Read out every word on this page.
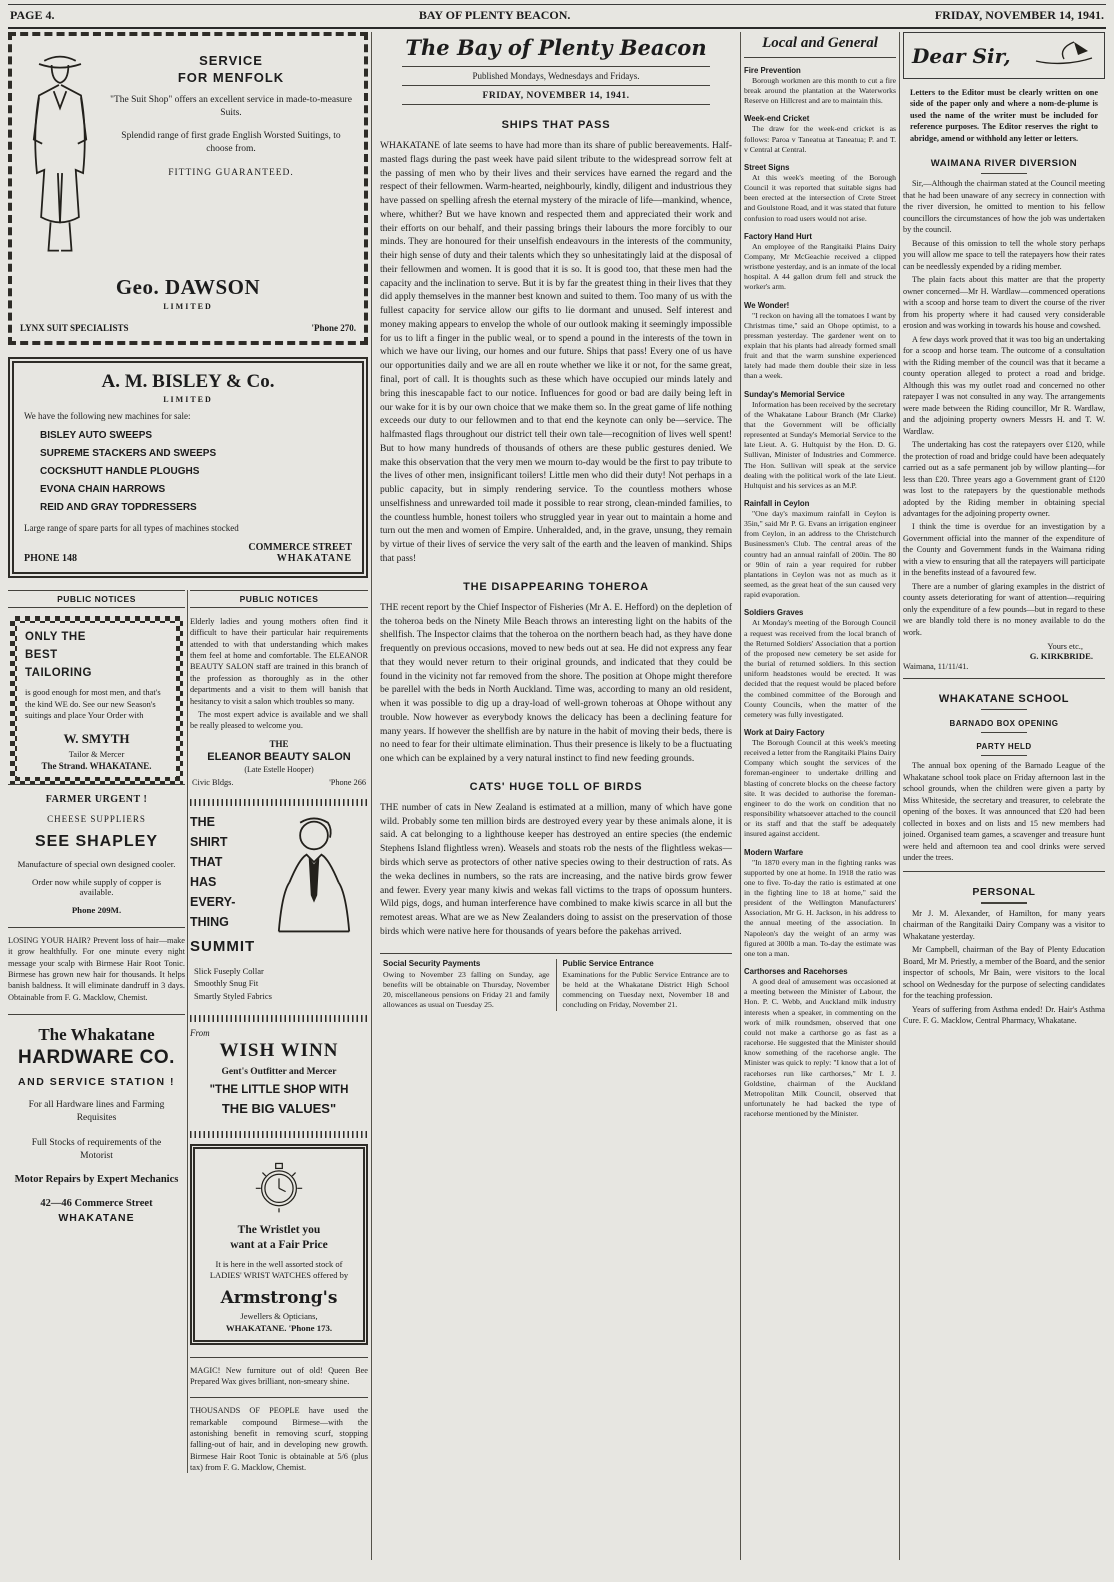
PAGE 4.	BAY OF PLENTY BEACON.	FRIDAY, NOVEMBER 14, 1941.
SERVICE
FOR MENFOLK
"The Suit Shop" offers an excellent service in made-to-measure Suits.
Splendid range of first grade English Worsted Suitings, to choose from.
FITTING GUARANTEED.
Geo. DAWSON
LIMITED
LYNX SUIT SPECIALISTS	'Phone 270.
A. M. BISLEY & Co.
LIMITED
We have the following new machines for sale:
BISLEY AUTO SWEEPS
SUPREME STACKERS AND SWEEPS
COCKSHUTT HANDLE PLOUGHS
EVONA CHAIN HARROWS
REID AND GRAY TOPDRESSERS
Large range of spare parts for all types of machines stocked
PHONE 148
COMMERCE STREET
WHAKATANE
PUBLIC NOTICES
ONLY THE
BEST
TAILORING
is good enough for most men, and that's the kind WE do. See our new Season's suitings and place Your Order with
W. SMYTH
Tailor & Mercer
The Strand. WHAKATANE.
FARMER URGENT !
CHEESE SUPPLIERS
SEE SHAPLEY
Manufacture of special own designed cooler.
Order now while supply of copper is available.
Phone 209M.
LOSING YOUR HAIR? Prevent loss of hair—make it grow healthfully. For one minute every night message your scalp with Birmese Hair Root Tonic. Birmese has grown new hair for thousands. It helps banish baldness. It will eliminate dandruff in 3 days. Obtainable from F. G. Macklow, Chemist.
The Whakatane
HARDWARE CO.
AND SERVICE STATION !
For all Hardware lines and Farming Requisites
Full Stocks of requirements of the Motorist
Motor Repairs by Expert Mechanics
42—46 Commerce Street
WHAKATANE
PUBLIC NOTICES
Elderly ladies and young mothers often find it difficult to have their particular hair requirements attended to with that understanding which makes them feel at home and comfortable. The ELEANOR BEAUTY SALON staff are trained in this branch of the profession as thoroughly as in the other departments and a visit to them will banish that hesitancy to visit a salon which troubles so many.
The most expert advice is available and we shall be really pleased to welcome you.
THE
ELEANOR BEAUTY SALON
(Late Estelle Hooper)
Civic Bldgs.	'Phone 266
THE
SHIRT
THAT
HAS
EVERY-
THING
SUMMIT
Slick Fuseply Collar
Smoothly Snug Fit
Smartly Styled Fabrics
From
WISH WINN
Gent's Outfitter and Mercer
"THE LITTLE SHOP WITH
THE BIG VALUES"
The Wristlet you
want at a Fair Price
It is here in the well assorted stock of LADIES' WRIST WATCHES offered by
Armstrong's
Jewellers & Opticians,
WHAKATANE. 'Phone 173.
MAGIC! New furniture out of old! Queen Bee Prepared Wax gives brilliant, non-smeary shine.
THOUSANDS OF PEOPLE have used the remarkable compound Birmese—with the astonishing benefit in removing scurf, stopping falling-out of hair, and in developing new growth. Birmese Hair Root Tonic is obtainable at 5/6 (plus tax) from F. G. Macklow, Chemist.
The Bay of Plenty Beacon
Published Mondays, Wednesdays and Fridays.
FRIDAY, NOVEMBER 14, 1941.
SHIPS THAT PASS

WHAKATANE of late seems to have had more than its share of public bereavements. Half-masted flags during the past week have paid silent tribute to the widespread sorrow felt at the passing of men who by their lives and their services have earned the regard and the respect of their fellowmen. Warm-hearted, neighbourly, kindly, diligent and industrious they have passed on spelling afresh the eternal mystery of the miracle of life—mankind, whence, where, whither? But we have known and respected them and appreciated their work and their efforts on our behalf, and their passing brings their labours the more forcibly to our minds. They are honoured for their unselfish endeavours in the interests of the community, their high sense of duty and their talents which they so unhesitatingly laid at the disposal of their fellowmen and women. It is good that it is so. It is good too, that these men had the capacity and the inclination to serve. But it is by far the greatest thing in their lives that they did apply themselves in the manner best known and suited to them. Too many of us with the fullest capacity for service allow our gifts to lie dormant and unused. Self interest and money making appears to envelop the whole of our outlook making it seemingly impossible for us to lift a finger in the public weal, or to spend a pound in the interests of the town in which we have our living, our homes and our future. Ships that pass! Every one of us have our opportunities daily and we are all en route whether we like it or not, for the same great, final, port of call. It is thoughts such as these which have occupied our minds lately and bring this inescapable fact to our notice. Influences for good or bad are daily being left in our wake for it is by our own choice that we make them so. In the great game of life nothing exceeds our duty to our fellowmen and to that end the keynote can only be—service. The halfmasted flags throughout our district tell their own tale—recognition of lives well spent! But to how many hundreds of thousands of others are these public gestures denied. We make this observation that the very men we mourn to-day would be the first to pay tribute to the lives of other men, insignificant toilers! Little men who did their duty! Not perhaps in a public capacity, but in simply rendering service. To the countless mothers whose unselfishness and unrewarded toil made it possible to rear strong, clean-minded families, to the countless humble, honest toilers who struggled year in year out to maintain a home and turn out the men and women of Empire. Unheralded, and, in the grave, unsung, they remain by virtue of their lives of service the very salt of the earth and the leaven of mankind. Ships that pass!

THE DISAPPEARING TOHEROA

THE recent report by the Chief Inspector of Fisheries (Mr A. E. Hefford) on the depletion of the toheroa beds on the Ninety Mile Beach throws an interesting light on the habits of the shellfish. The Inspector claims that the toheroa on the northern beach had, as they have done frequently on previous occasions, moved to new beds out at sea. He did not express any fear that they would never return to their original grounds, and indicated that they could be found in the vicinity not far removed from the shore. The position at Ohope might therefore be parellel with the beds in North Auckland. Time was, according to many an old resident, when it was possible to dig up a dray-load of well-grown toheroas at Ohope without any trouble. Now however as everybody knows the delicacy has been a declining feature for many years. If however the shellfish are by nature in the habit of moving their beds, there is no need to fear for their ultimate elimination. Thus their presence is likely to be a fluctuating one which can be explained by a very natural instinct to find new feeding grounds.

CATS' HUGE TOLL OF BIRDS

THE number of cats in New Zealand is estimated at a million, many of which have gone wild. Probably some ten million birds are destroyed every year by these animals alone, it is said. A cat belonging to a lighthouse keeper has destroyed an entire species (the endemic Stephens Island flightless wren). Weasels and stoats rob the nests of the flightless wekas—birds which serve as protectors of other native species owing to their destruction of rats. As the weka declines in numbers, so the rats are increasing, and the native birds grow fewer and fewer. Every year many kiwis and wekas fall victims to the traps of opossum hunters. Wild pigs, dogs, and human interference have combined to make kiwis scarce in all but the remotest areas. What are we as New Zealanders doing to assist on the preservation of those birds which were native here for thousands of years before the pakehas arrived.

Social Security Payments
Owing to November 23 falling on Sunday, age benefits will be obtainable on Thursday, November 20, miscellaneous pensions on Friday 21 and family allowances as usual on Tuesday 25.
Public Service Entrance
Examinations for the Public Service Entrance are to be held at the Whakatane District High School commencing on Tuesday next, November 18 and concluding on Friday, November 21.
Local and General
Fire Prevention
Borough workmen are this month to cut a fire break around the plantation at the Waterworks Reserve on Hillcrest and are to maintain this.
Week-end Cricket
The draw for the week-end cricket is as follows: Paroa v Taneatua at Taneatua; P. and T. v Central at Central.
Street Signs
At this week's meeting of the Borough Council it was reported that suitable signs had been erected at the intersection of Crete Street and Goulstone Road, and it was stated that future confusion to road users would not arise.
Factory Hand Hurt
An employee of the Rangitaiki Plains Dairy Company, Mr McGeachie received a clipped wristbone yesterday, and is an inmate of the local hospital. A 44 gallon drum fell and struck the worker's arm.
We Wonder!
"I reckon on having all the tomatoes I want by Christmas time," said an Ohope optimist, to a pressman yesterday. The gardener went on to explain that his plants had already formed small fruit and that the warm sunshine experienced lately had made them double their size in less than a week.
Sunday's Memorial Service
Information has been received by the secretary of the Whakatane Labour Branch (Mr Clarke) that the Government will be officially represented at Sunday's Memorial Service to the late Lieut. A. G. Hultquist by the Hon. D. G. Sullivan, Minister of Industries and Commerce. The Hon. Sullivan will speak at the service dealing with the political work of the late Lieut. Hultquist and his services as an M.P.
Rainfall in Ceylon
"One day's maximum rainfall in Ceylon is 35in," said Mr P. G. Evans an irrigation engineer from Ceylon, in an address to the Christchurch Businessmen's Club. The central areas of the country had an annual rainfall of 200in. The 80 or 90in of rain a year required for rubber plantations in Ceylon was not as much as it seemed, as the great heat of the sun caused very rapid evaporation.
Soldiers Graves
At Monday's meeting of the Borough Council a request was received from the local branch of the Returned Soldiers' Association that a portion of the proposed new cemetery be set aside for the burial of returned soldiers. In this section uniform headstones would be erected. It was decided that the request would be placed before the combined committee of the Borough and County Councils, when the matter of the cemetery was fully investigated.
Work at Dairy Factory
The Borough Council at this week's meeting received a letter from the Rangitaiki Plains Dairy Company which sought the services of the foreman-engineer to undertake drilling and blasting of concrete blocks on the cheese factory site. It was decided to authorise the foreman-engineer to do the work on condition that no responsibility whatsoever attached to the council or its staff and that the staff be adequately insured against accident.
Modern Warfare
"In 1870 every man in the fighting ranks was supported by one at home. In 1918 the ratio was one to five. To-day the ratio is estimated at one in the fighting line to 18 at home," said the president of the Wellington Manufacturers' Association, Mr G. H. Jackson, in his address to the annual meeting of the association. In Napoleon's day the weight of an army was figured at 300lb a man. To-day the estimate was one ton a man.
Carthorses and Racehorses
A good deal of amusement was occasioned at a meeting between the Minister of Labour, the Hon. P. C. Webb, and Auckland milk industry interests when a speaker, in commenting on the work of milk roundsmen, observed that one could not make a carthorse go as fast as a racehorse. He suggested that the Minister should know something of the racehorse angle. The Minister was quick to reply: "I know that a lot of racehorses run like carthorses," Mr I. J. Goldstine, chairman of the Auckland Metropolitan Milk Council, observed that unfortunately he had backed the type of racehorse mentioned by the Minister.
Dear Sir,

Letters to the Editor must be clearly written on one side of the paper only and where a nom-de-plume is used the name of the writer must be included for reference purposes. The Editor reserves the right to abridge, amend or withhold any letter or letters.

WAIMANA RIVER DIVERSION

Sir,—Although the chairman stated at the Council meeting that he had been unaware of any secrecy in connection with the river diversion, he omitted to mention to his fellow councillors the circumstances of how the job was undertaken by the council.

Because of this omission to tell the whole story perhaps you will allow me space to tell the ratepayers how their rates can be needlessly expended by a riding member.

The plain facts about this matter are that the property owner concerned—Mr H. Wardlaw—commenced operations with a scoop and horse team to divert the course of the river from his property where it had caused very considerable erosion and was working in towards his house and cowshed.

A few days work proved that it was too big an undertaking for a scoop and horse team. The outcome of a consultation with the Riding member of the council was that it became a county operation alleged to protect a road and bridge. Although this was my outlet road and concerned no other ratepayer I was not consulted in any way. The arrangements were made between the Riding councillor, Mr R. Wardlaw, and the adjoining property owners Messrs H. and T. W. Wardlaw.

The undertaking has cost the ratepayers over £120, while the protection of road and bridge could have been adequately carried out as a safe permanent job by willow planting—for less than £20. Three years ago a Government grant of £120 was lost to the ratepayers by the questionable methods adopted by the Riding member in obtaining special advantages for the adjoining property owner.

I think the time is overdue for an investigation by a Government official into the manner of the expenditure of the County and Government funds in the Waimana riding with a view to ensuring that all the ratepayers will participate in the benefits instead of a favoured few.

There are a number of glaring examples in the district of county assets deteriorating for want of attention—requiring only the expenditure of a few pounds—but in regard to these we are blandly told there is no money available to do the work.

Yours etc.,
G. KIRKBRIDE.
Waimana, 11/11/41.
WHAKATANE SCHOOL
BARNADO BOX OPENING
PARTY HELD

The annual box opening of the Barnado League of the Whakatane school took place on Friday afternoon last in the school grounds, when the children were given a party by Miss Whiteside, the secretary and treasurer, to celebrate the opening of the boxes. It was announced that £20 had been collected in boxes and on lists and 15 new members had joined. Organised team games, a scavenger and treasure hunt were held and afternoon tea and cool drinks were served under the trees.

PERSONAL

Mr J. M. Alexander, of Hamilton, for many years chairman of the Rangitaiki Dairy Company was a visitor to Whakatane yesterday.

Mr Campbell, chairman of the Bay of Plenty Education Board, Mr M. Priestly, a member of the Board, and the senior inspector of schools, Mr Bain, were visitors to the local school on Wednesday for the purpose of selecting candidates for the teaching profession.

Years of suffering from Asthma ended! Dr. Hair's Asthma Cure. F. G. Macklow, Central Pharmacy, Whakatane.
